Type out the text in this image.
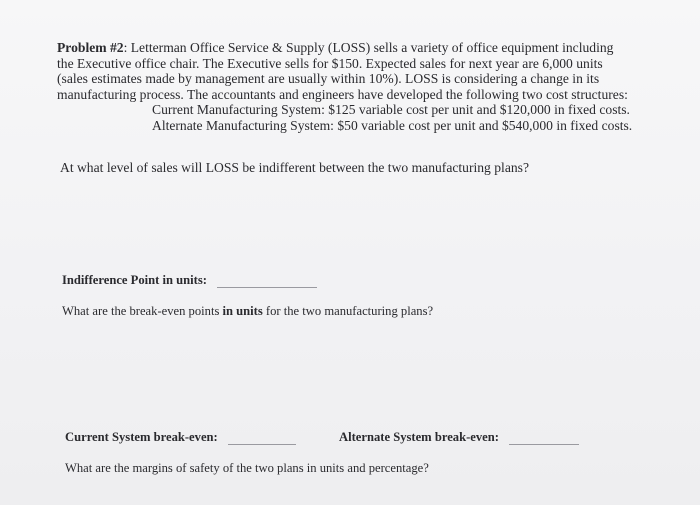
Problem #2: Letterman Office Service & Supply (LOSS) sells a variety of office equipment including
the Executive office chair. The Executive sells for $150. Expected sales for next year are 6,000 units
(sales estimates made by management are usually within 10%). LOSS is considering a change in its
manufacturing process. The accountants and engineers have developed the following two cost structures:
Current Manufacturing System: $125 variable cost per unit and $120,000 in fixed costs.
Alternate Manufacturing System: $50 variable cost per unit and $540,000 in fixed costs.
At what level of sales will LOSS be indifferent between the two manufacturing plans?
Indifference Point in units:
What are the break-even points in units for the two manufacturing plans?
Current System break-even:	Alternate System break-even:
What are the margins of safety of the two plans in units and percentage?
